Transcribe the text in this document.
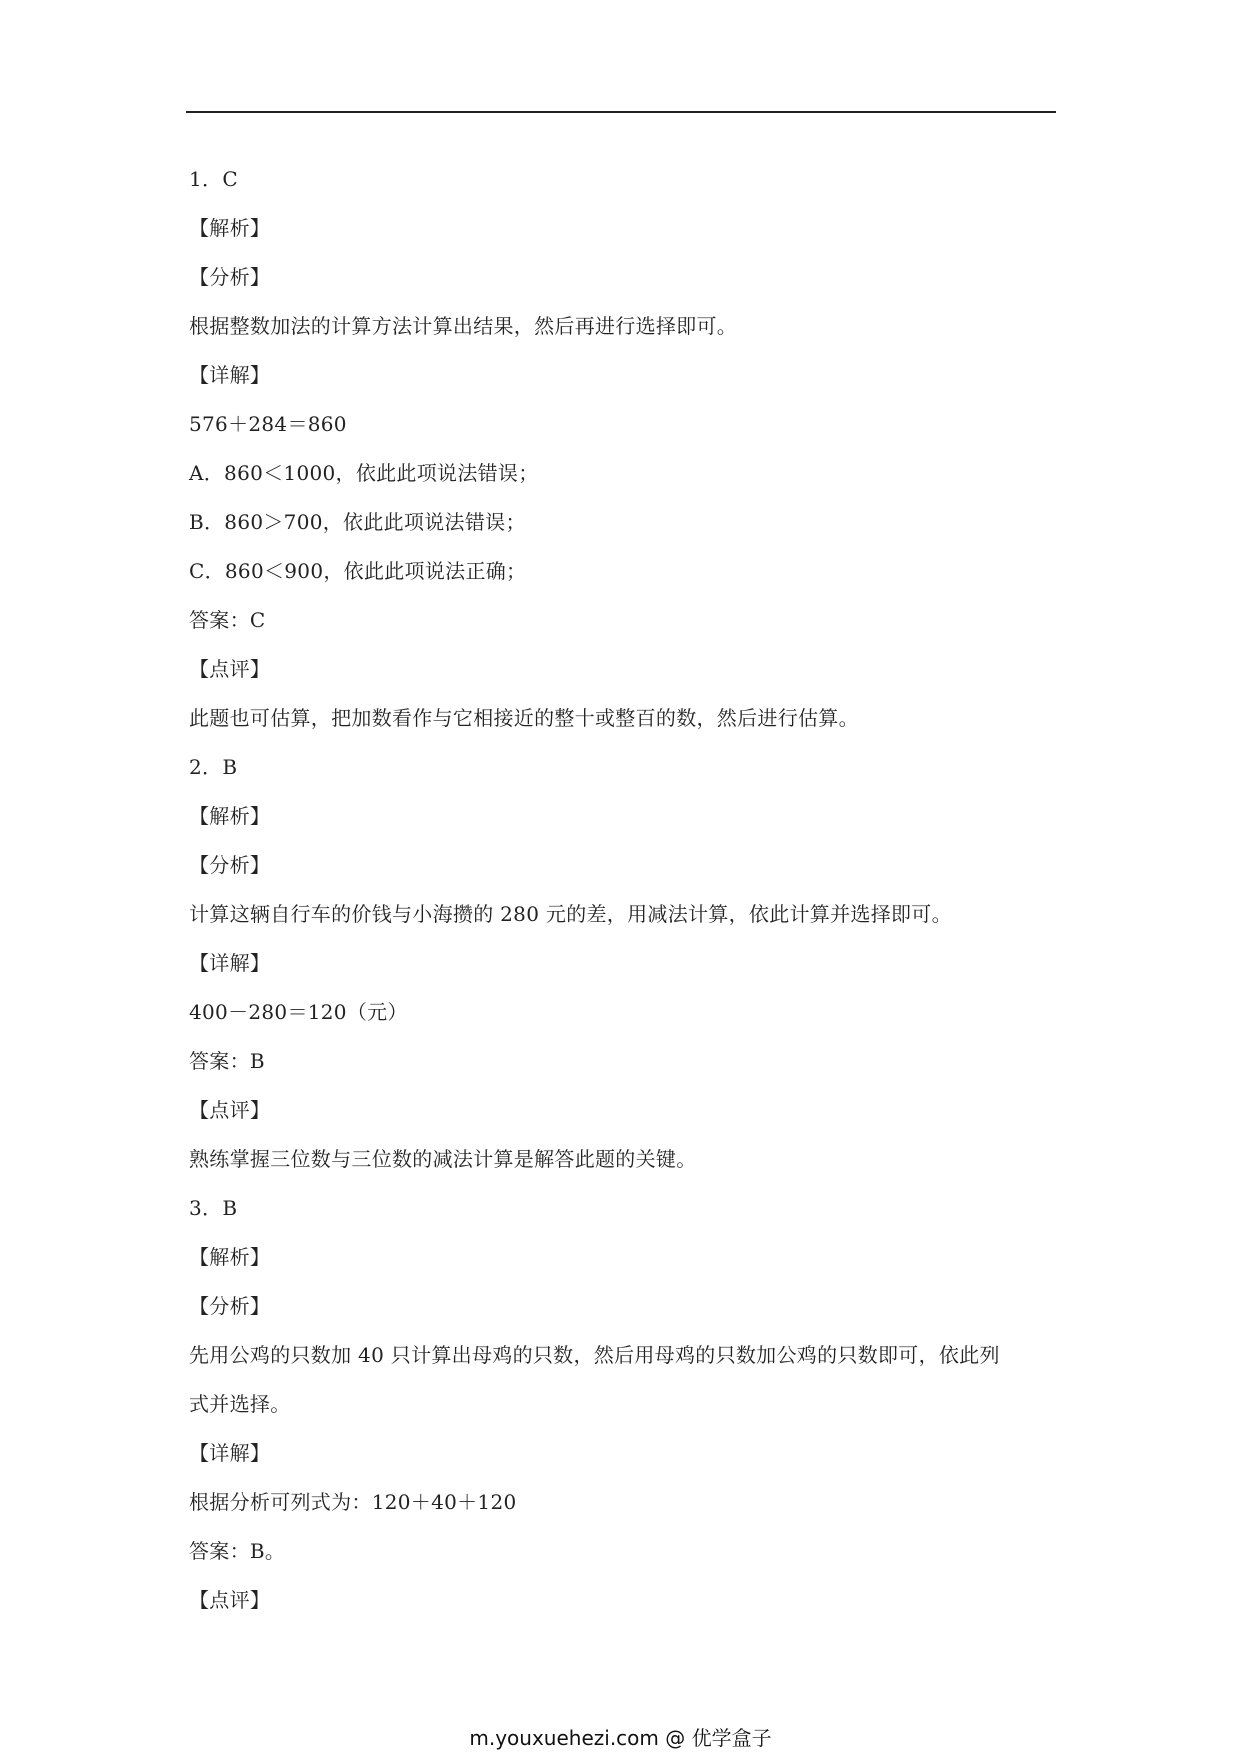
1．C
【解析】
【分析】
根据整数加法的计算方法计算出结果，然后再进行选择即可。
【详解】
576＋284＝860
A．860＜1000，依此此项说法错误；
B．860＞700，依此此项说法错误；
C．860＜900，依此此项说法正确；
答案：C
【点评】
此题也可估算，把加数看作与它相接近的整十或整百的数，然后进行估算。
2．B
【解析】
【分析】
计算这辆自行车的价钱与小海攒的 280 元的差，用减法计算，依此计算并选择即可。
【详解】
400－280＝120（元）
答案：B
【点评】
熟练掌握三位数与三位数的减法计算是解答此题的关键。
3．B
【解析】
【分析】
先用公鸡的只数加 40 只计算出母鸡的只数，然后用母鸡的只数加公鸡的只数即可，依此列
式并选择。
【详解】
根据分析可列式为：120＋40＋120
答案：B。
【点评】
m.youxuehezi.com @ 优学盒子
